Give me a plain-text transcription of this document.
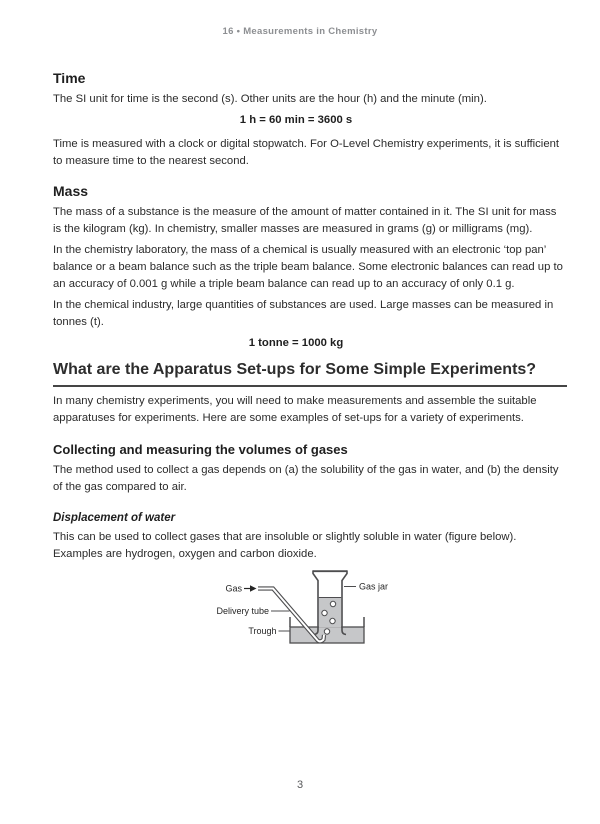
16 • Measurements in Chemistry
Time

The SI unit for time is the second (s). Other units are the hour (h) and the minute (min).

1 h = 60 min = 3600 s

Time is measured with a clock or digital stopwatch. For O-Level Chemistry experiments, it is sufficient to measure time to the nearest second.

Mass

The mass of a substance is the measure of the amount of matter contained in it. The SI unit for mass is the kilogram (kg). In chemistry, smaller masses are measured in grams (g) or milligrams (mg).

In the chemistry laboratory, the mass of a chemical is usually measured with an electronic ‘top pan’ balance or a beam balance such as the triple beam balance. Some electronic balances can read up to an accuracy of 0.001 g while a triple beam balance can read up to an accuracy of only 0.1 g.

In the chemical industry, large quantities of substances are used. Large masses can be measured in tonnes (t).

1 tonne = 1000 kg

What are the Apparatus Set-ups for Some Simple Experiments?

In many chemistry experiments, you will need to make measurements and assemble the suitable apparatuses for experiments. Here are some examples of set-ups for a variety of experiments.

Collecting and measuring the volumes of gases

The method used to collect a gas depends on (a) the solubility of the gas in water, and (b) the density of the gas compared to air.

Displacement of water

This can be used to collect gases that are insoluble or slightly soluble in water (figure below). Examples are hydrogen, oxygen and carbon dioxide.

Gas
Delivery tube
Trough
Gas jar
3
